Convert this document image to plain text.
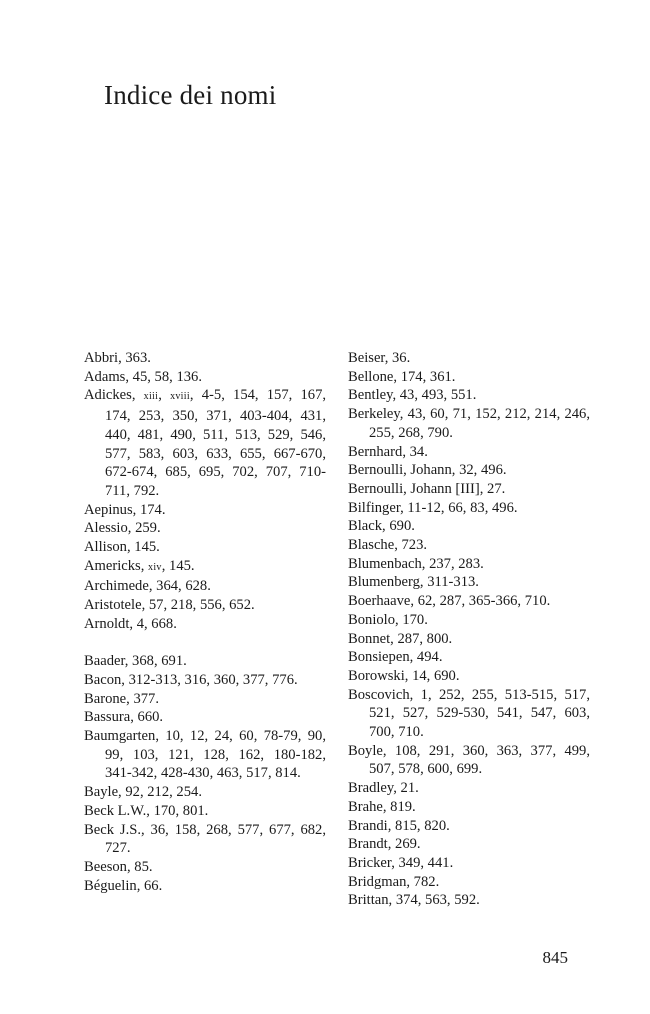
Indice dei nomi

Abbri, 363.

Adams, 45, 58, 136.

Adickes, xiii, xviii, 4-5, 154, 157, 167, 174, 253, 350, 371, 403-404, 431, 440, 481, 490, 511, 513, 529, 546, 577, 583, 603, 633, 655, 667-670, 672-674, 685, 695, 702, 707, 710-711, 792.

Aepinus, 174.

Alessio, 259.

Allison, 145.

Americks, xiv, 145.

Archimede, 364, 628.

Aristotele, 57, 218, 556, 652.

Arnoldt, 4, 668.

Baader, 368, 691.

Bacon, 312-313, 316, 360, 377, 776.

Barone, 377.

Bassura, 660.

Baumgarten, 10, 12, 24, 60, 78-79, 90, 99, 103, 121, 128, 162, 180-182, 341-342, 428-430, 463, 517, 814.

Bayle, 92, 212, 254.

Beck L.W., 170, 801.

Beck J.S., 36, 158, 268, 577, 677, 682, 727.

Beeson, 85.

Béguelin, 66.

Beiser, 36.

Bellone, 174, 361.

Bentley, 43, 493, 551.

Berkeley, 43, 60, 71, 152, 212, 214, 246, 255, 268, 790.

Bernhard, 34.

Bernoulli, Johann, 32, 496.

Bernoulli, Johann [III], 27.

Bilfinger, 11-12, 66, 83, 496.

Black, 690.

Blasche, 723.

Blumenbach, 237, 283.

Blumenberg, 311-313.

Boerhaave, 62, 287, 365-366, 710.

Boniolo, 170.

Bonnet, 287, 800.

Bonsiepen, 494.

Borowski, 14, 690.

Boscovich, 1, 252, 255, 513-515, 517, 521, 527, 529-530, 541, 547, 603, 700, 710.

Boyle, 108, 291, 360, 363, 377, 499, 507, 578, 600, 699.

Bradley, 21.

Brahe, 819.

Brandi, 815, 820.

Brandt, 269.

Bricker, 349, 441.

Bridgman, 782.

Brittan, 374, 563, 592.

845
